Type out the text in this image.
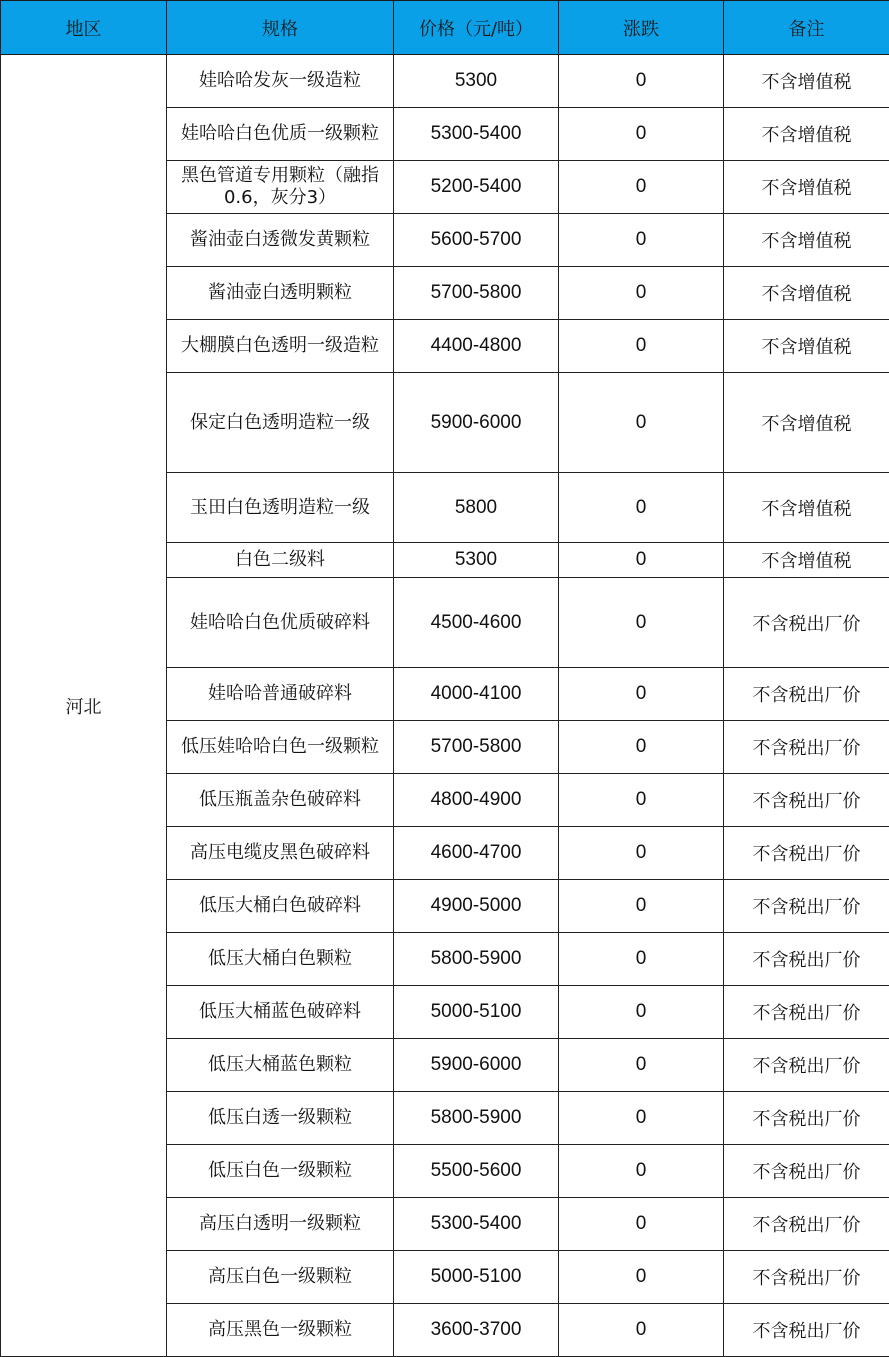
地区	规格	价格（元/吨）	涨跌	备注
河北	娃哈哈发灰一级造粒	5300	0	不含增值税
	娃哈哈白色优质一级颗粒	5300-5400	0	不含增值税
	黑色管道专用颗粒（融指0.6，灰分3）	5200-5400	0	不含增值税
	酱油壶白透微发黄颗粒	5600-5700	0	不含增值税
	酱油壶白透明颗粒	5700-5800	0	不含增值税
	大棚膜白色透明一级造粒	4400-4800	0	不含增值税
	保定白色透明造粒一级	5900-6000	0	不含增值税
	玉田白色透明造粒一级	5800	0	不含增值税
	白色二级料	5300	0	不含增值税
	娃哈哈白色优质破碎料	4500-4600	0	不含税出厂价
	娃哈哈普通破碎料	4000-4100	0	不含税出厂价
	低压娃哈哈白色一级颗粒	5700-5800	0	不含税出厂价
	低压瓶盖杂色破碎料	4800-4900	0	不含税出厂价
	高压电缆皮黑色破碎料	4600-4700	0	不含税出厂价
	低压大桶白色破碎料	4900-5000	0	不含税出厂价
	低压大桶白色颗粒	5800-5900	0	不含税出厂价
	低压大桶蓝色破碎料	5000-5100	0	不含税出厂价
	低压大桶蓝色颗粒	5900-6000	0	不含税出厂价
	低压白透一级颗粒	5800-5900	0	不含税出厂价
	低压白色一级颗粒	5500-5600	0	不含税出厂价
	高压白透明一级颗粒	5300-5400	0	不含税出厂价
	高压白色一级颗粒	5000-5100	0	不含税出厂价
	高压黑色一级颗粒	3600-3700	0	不含税出厂价
